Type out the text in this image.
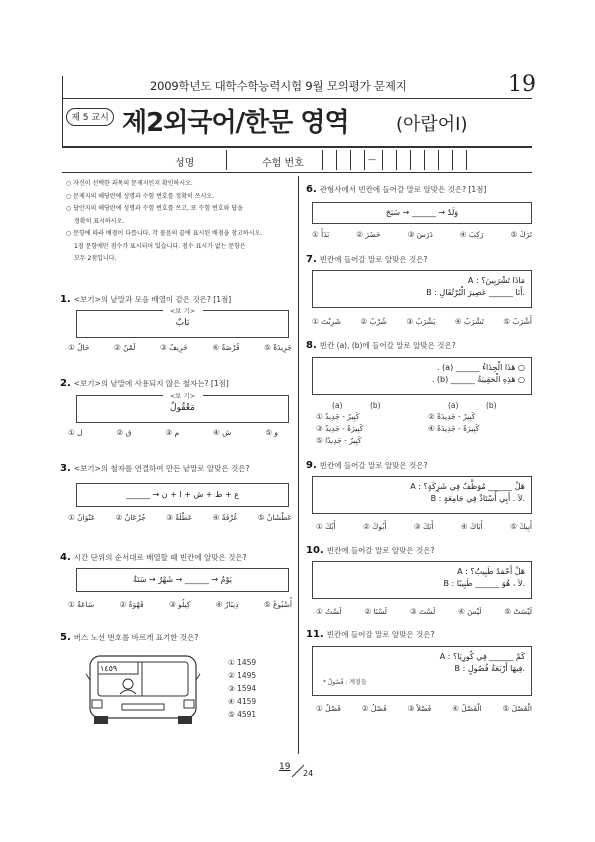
2009학년도 대학수학능력시험 9월 모의평가 문제지	19
제 5 교시 제2외국어/한문 영역	(아랍어Ⅰ)
성명	수험 번호	—
○ 자신이 선택한 과목의 문제지인지 확인하시오.
○ 문제지의 해당란에 성명과 수험 번호를 정확히 쓰시오.
○ 답안지의 해당란에 성명과 수험 번호를 쓰고, 또 수험 번호와 답을
정확히 표시하시오.
○ 문항에 따라 배점이 다릅니다. 각 물음의 끝에 표시된 배점을 참고하시오.
1점 문항에만 점수가 표시되어 있습니다. 점수 표시가 없는 문항은
모두 2점입니다.
1. <보기>의 낱말과 모음 배열이 같은 것은? [1점]
<보 기>
بَابٌ
① حَالٌ	② لَمْنٌ	③ خَرِيفٌ	④ قُرْصَةٌ	⑤ جَرِيدَةٌ
2. <보기>의 낱말에 사용되지 않은 철자는? [1점]
<보 기>
مَعْقُولٌ
① ل	② ق	③ م	④ ش	⑤ و
3. <보기>의 철자를 연결하여 만든 낱말로 알맞은 것은?
ع + ط + ش + ا + ن → ______
① عَنْوَانٌ	② جُرْعَانٌ	③ عَطْلَةٌ	④ غُرْفَةٌ	⑤ عَطْشَانٌ
4. 시간 단위의 순서대로 배열할 때 빈칸에 알맞은 것은?
يَوْمٌ → ______ → شَهْرٌ → سَنَةٌ
① سَاعَةٌ	② قَهْوَةٌ	③ كِيلُو	④ دِينَارٌ	⑤ أُسْبُوعٌ
5. 버스 노선 번호를 바르게 표기한 것은?
١٤٥٩
① 1459
② 1495
③ 1594
④ 4159
⑤ 4591
6. 관형사에서 빈칸에 들어갈 말로 알맞은 것은? [1점]
وَلَدٌ → ______ → سَبَحَ
① بَدَأَ	② حَضَرَ	③ دَرَسَ	④ رَكِبَ	⑤ تَرَكَ
7. 빈칸에 들어갈 말로 알맞은 것은?
A : مَاذَا تَشْرَبِينَ؟
B : أَنَا ______ عَصِيرَ الْبُرْتُقَالِ.
① شَرِبْتَ	② شُرْبٌ	③ يَشْرَبُ	④ تَشْرَبُ	⑤ أَشْرَبُ
8. 빈칸 (a), (b)에 들어갈 말로 알맞은 것은?
○ هَذَا الْحِذَاءُ ______ (a) .
○ هَذِهِ الْحَقِيبَةُ ______ (b) .
(a)	(b)	(a)	(b)
① كَبِيرٌ - جَدِيدٌ	② كَبِيرٌ - جَدِيدَةٌ
③ كَبِيرَةٌ - جَدِيدٌ	④ كَبِيرَةٌ - جَدِيدَةٌ
⑤ كَبِيرٌ - جَدِيدًا
9. 빈칸에 들어갈 말로 알맞은 것은?
A : هَلْ ______ مُوَظَّفٌ فِي شَرِكَةٍ؟
B : لاَ . أَبِي أُسْتَاذٌ فِي جَامِعَةٍ.
① أَبُكَ	② أَبُوكَ	③ أَبَكَ	④ أَبَاكَ	⑤ أَبِيكَ
10. 빈칸에 들어갈 말로 알맞은 것은?
A : هَلْ أَحْمَدُ طَبِيبٌ؟
B : لاَ ، هُوَ ______ طَبِيبًا.
① لَسْتُ	② لَسْنَا	③ لَسْتَ	④ لَيْسَ	⑤ لَيْسَتْ
11. 빈칸에 들어갈 말로 알맞은 것은?
A : كَمْ ______ فِي كُورِيَا؟
B : فِيهَا أَرْبَعَةُ فُصُولٍ.
* فُصُولٌ : 계절들
① فَصْلٌ	② فَصْلُ	③ فَصْلاً	④ الْفَصْلُ	⑤ الْفَصْلَ
19
24
